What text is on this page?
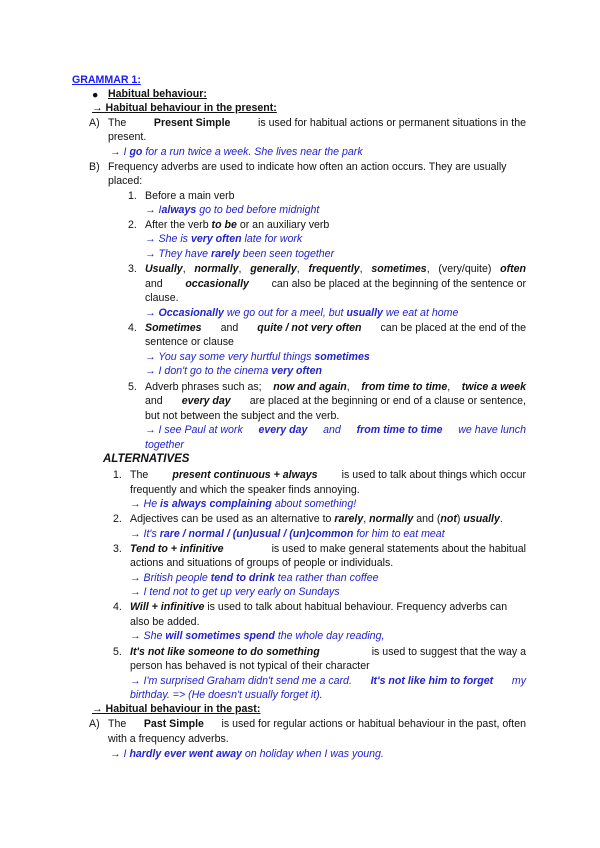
GRAMMAR 1:
● Habitual behaviour:
→ Habitual behaviour in the present:
A) The	Present Simple	is used for habitual actions or permanent situations in the
present.
→ I go for a run twice a week. She lives near the park
B) Frequency adverbs are used to indicate how often an action occurs. They are usually
placed:
1. Before a main verb
→ Ialways go to bed before midnight
2. After the verb to be or an auxiliary verb
→ She is very often late for work
→ They have rarely been seen together
3. Usually, normally, generally, frequently, sometimes, (very/quite) often
and occasionally can also be placed at the beginning of the sentence or
clause.
→ Occasionally we go out for a meel, but usually we eat at home
4. Sometimes and quite / not very often can be placed at the end of the
sentence or clause
→ You say some very hurtful things sometimes
→ I don't go to the cinema very often
5. Adverb phrases such as; now and again, from time to time, twice a week
and every day are placed at the beginning or end of a clause or sentence,
but not between the subject and the verb.
→ I see Paul at work every day and from time to time we have lunch
together
ALTERNATIVES
1. The present continuous + always is used to talk about things which occur
frequently and which the speaker finds annoying.
→ He is always complaining about something!
2. Adjectives can be used as an alternative to rarely, normally and (not) usually.
→ It's rare / normal / (un)usual / (un)common for him to eat meat
3. Tend to + infinitive	is used to make general statements about the habitual
actions and situations of groups of people or individuals.
→ British people tend to drink tea rather than coffee
→ I tend not to get up very early on Sundays
4. Will + infinitive is used to talk about habitual behaviour. Frequency adverbs can
also be added.
→ She will sometimes spend the whole day reading,
5. It's not like someone to do something	is used to suggest that the way a
person has behaved is not typical of their character
→ I'm surprised Graham didn't send me a card. It's not like him to forget my
birthday. => (He doesn't usually forget it).
→ Habitual behaviour in the past:
A) The Past Simple is used for regular actions or habitual behaviour in the past, often
with a frequency adverbs.
→ I hardly ever went away on holiday when I was young.
